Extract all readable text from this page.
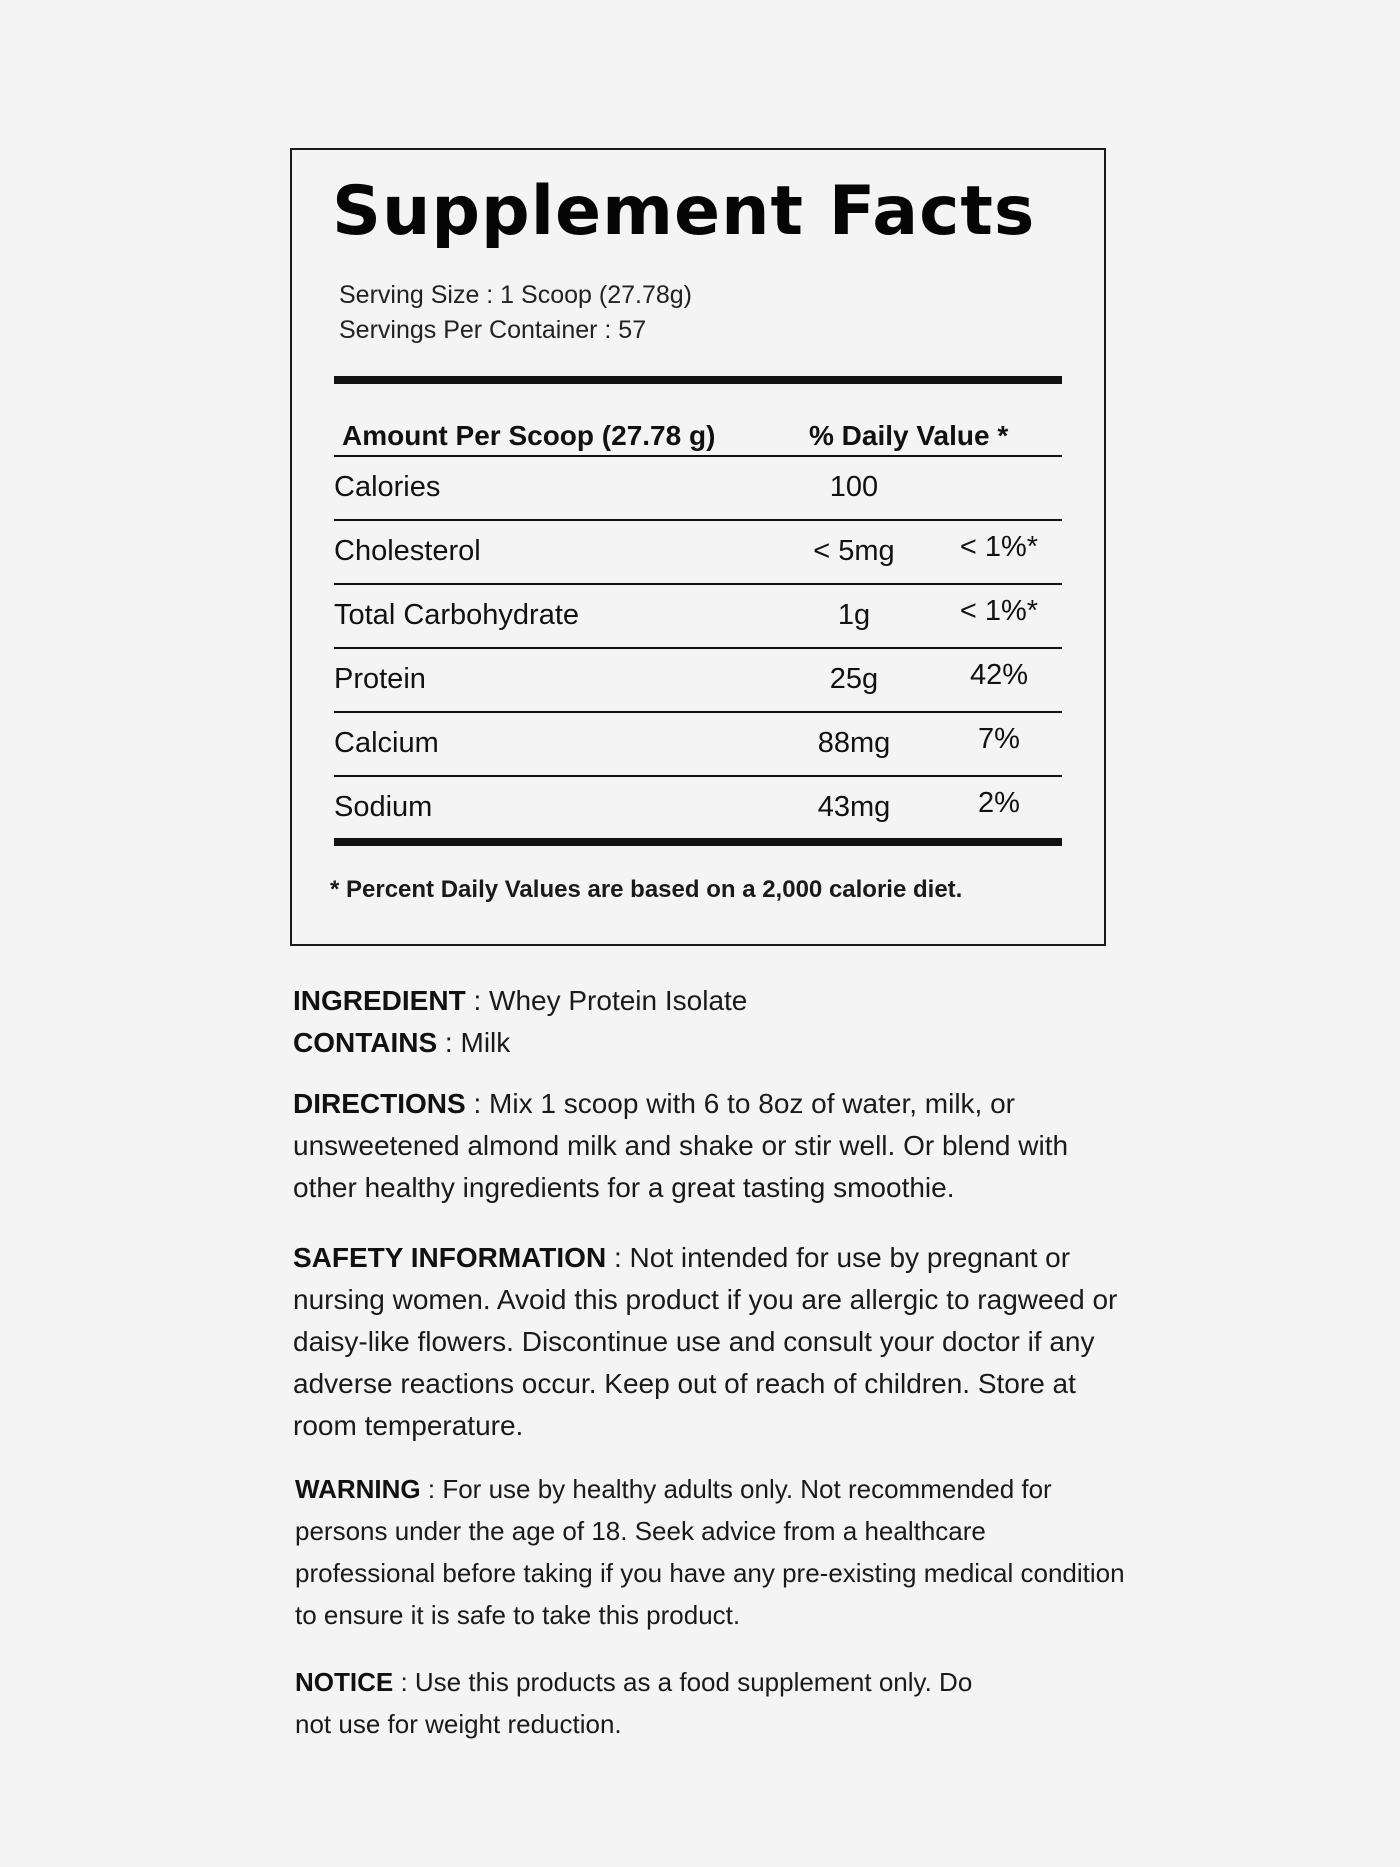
Supplement Facts
Serving Size : 1 Scoop (27.78g)
Servings Per Container : 57
Amount Per Scoop (27.78 g)	% Daily Value *
Calories	100
Cholesterol	< 5mg	< 1%*
Total Carbohydrate	1g	< 1%*
Protein	25g	42%
Calcium	88mg	7%
Sodium	43mg	2%
* Percent Daily Values are based on a 2,000 calorie diet.
INGREDIENT : Whey Protein Isolate
CONTAINS : Milk
DIRECTIONS : Mix 1 scoop with 6 to 8oz of water, milk, or unsweetened almond milk and shake or stir well. Or blend with other healthy ingredients for a great tasting smoothie.
SAFETY INFORMATION : Not intended for use by pregnant or nursing women. Avoid this product if you are allergic to ragweed or daisy-like flowers. Discontinue use and consult your doctor if any adverse reactions occur. Keep out of reach of children. Store at room temperature.
WARNING : For use by healthy adults only. Not recommended for persons under the age of 18. Seek advice from a healthcare professional before taking if you have any pre-existing medical condition to ensure it is safe to take this product.
NOTICE : Use this products as a food supplement only. Do not use for weight reduction.
